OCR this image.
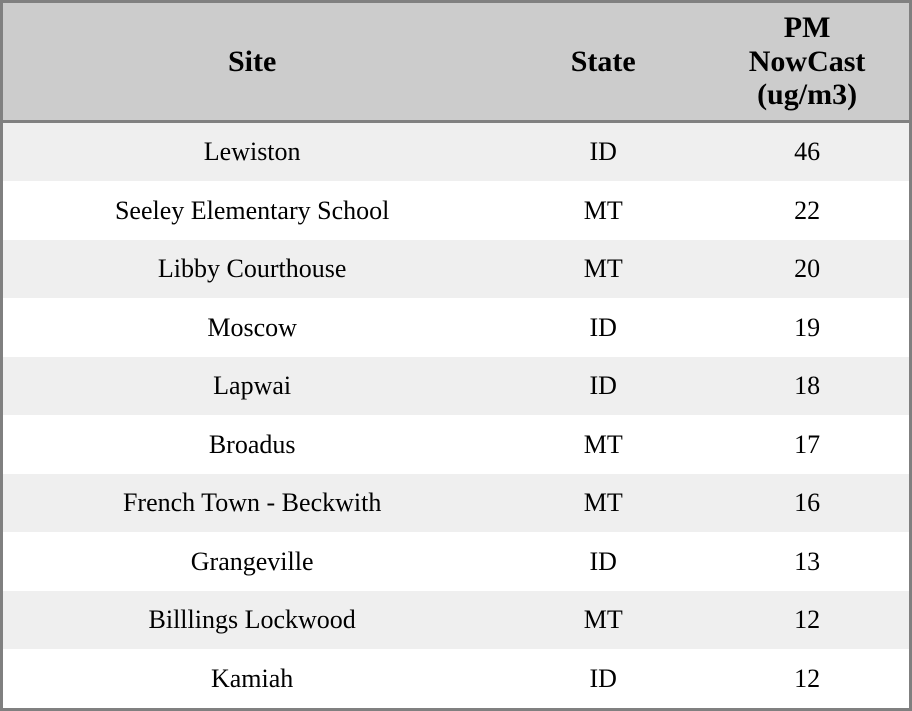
Site	State	PM
NowCast
(ug/m3)

Lewiston	ID	46
Seeley Elementary School	MT	22
Libby Courthouse	MT	20
Moscow	ID	19
Lapwai	ID	18
Broadus	MT	17
French Town - Beckwith	MT	16
Grangeville	ID	13
Billlings Lockwood	MT	12
Kamiah	ID	12
